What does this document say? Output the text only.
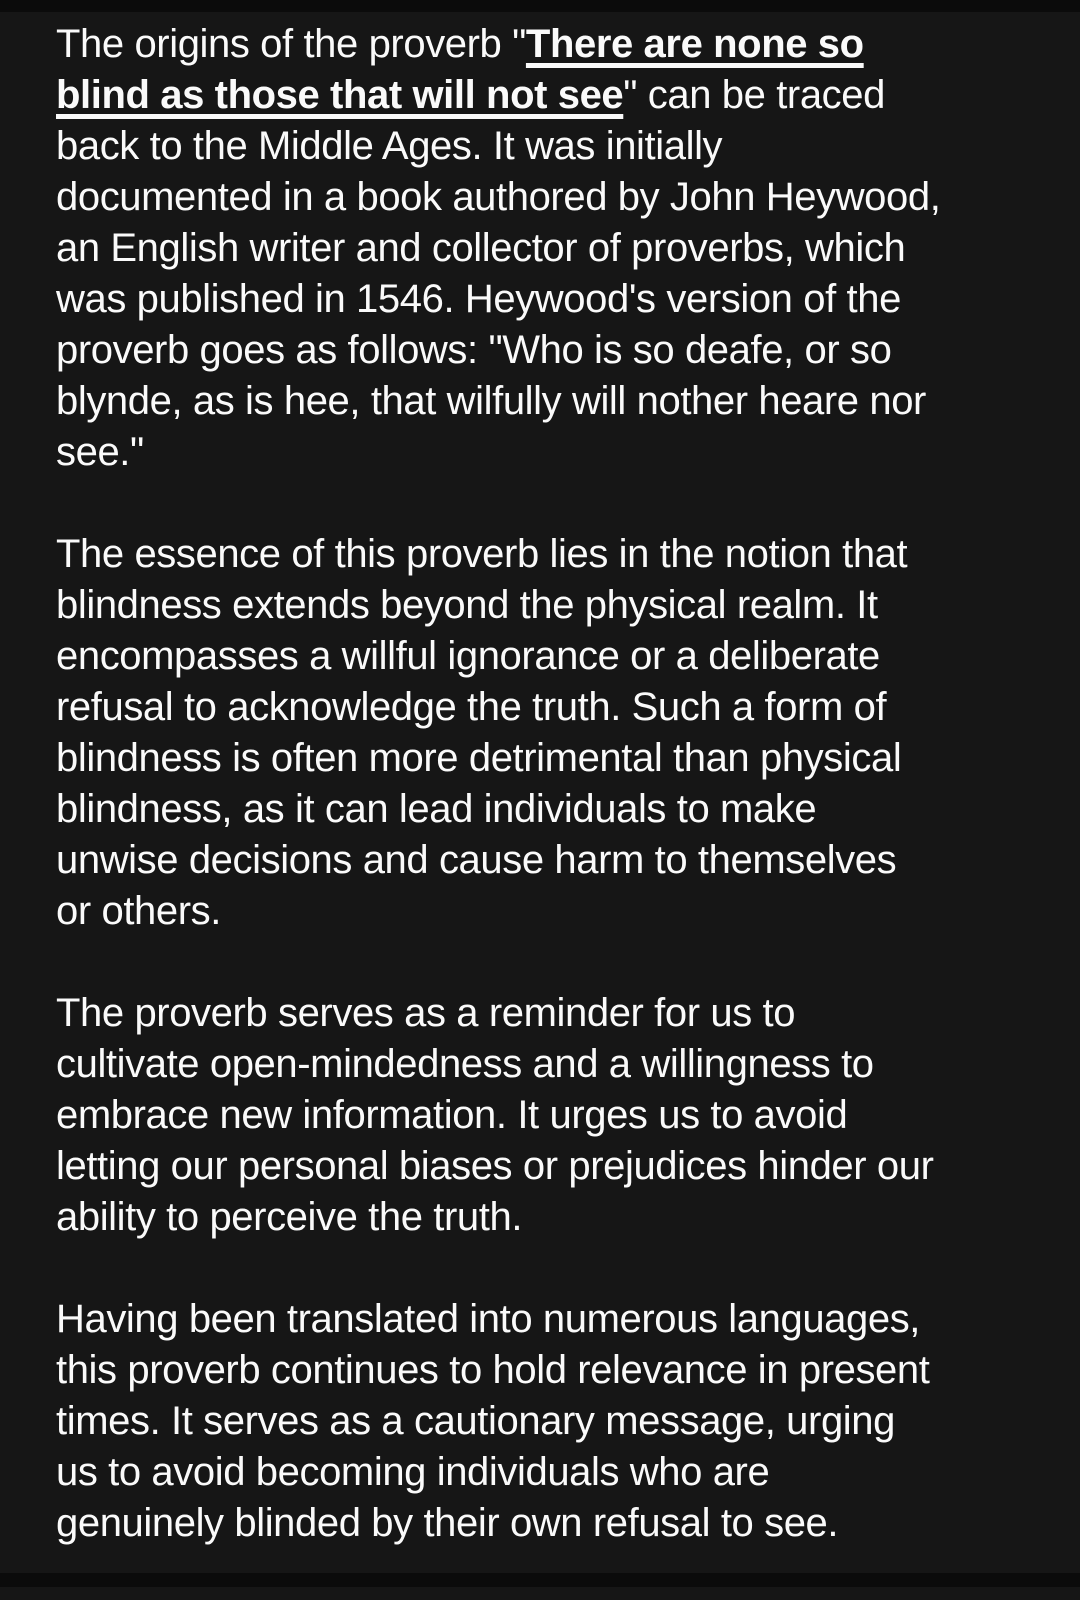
The origins of the proverb "There are none so
blind as those that will not see" can be traced
back to the Middle Ages. It was initially
documented in a book authored by John Heywood,
an English writer and collector of proverbs, which
was published in 1546. Heywood's version of the
proverb goes as follows: "Who is so deafe, or so
blynde, as is hee, that wilfully will nother heare nor
see."

The essence of this proverb lies in the notion that
blindness extends beyond the physical realm. It
encompasses a willful ignorance or a deliberate
refusal to acknowledge the truth. Such a form of
blindness is often more detrimental than physical
blindness, as it can lead individuals to make
unwise decisions and cause harm to themselves
or others.

The proverb serves as a reminder for us to
cultivate open-mindedness and a willingness to
embrace new information. It urges us to avoid
letting our personal biases or prejudices hinder our
ability to perceive the truth.

Having been translated into numerous languages,
this proverb continues to hold relevance in present
times. It serves as a cautionary message, urging
us to avoid becoming individuals who are
genuinely blinded by their own refusal to see.
